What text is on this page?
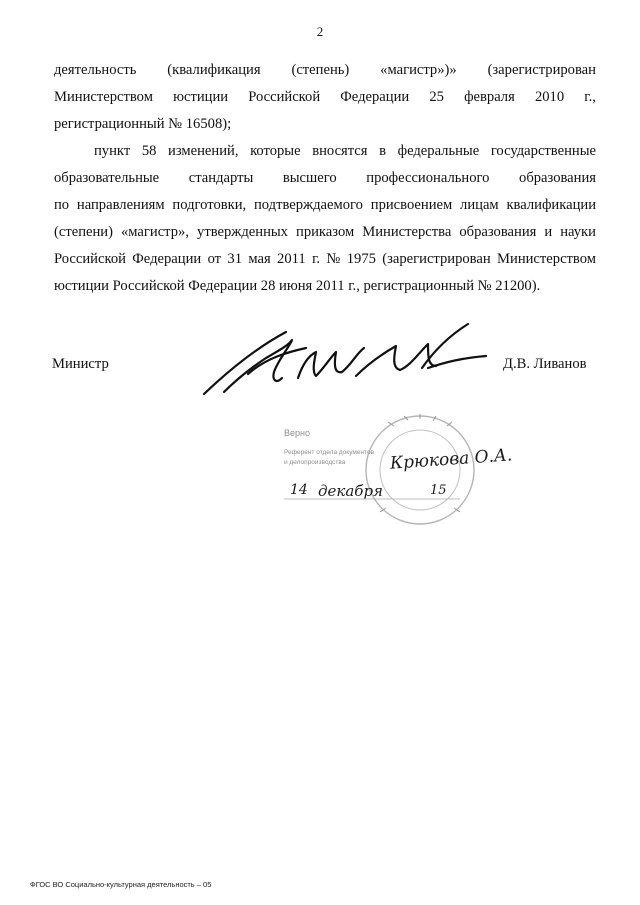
2
деятельность (квалификация (степень) «магистр»)» (зарегистрирован
Министерством юстиции Российской Федерации 25 февраля 2010 г.,
регистрационный № 16508);
пункт 58 изменений, которые вносятся в федеральные государственные
образовательные стандарты высшего профессионального образования
по направлениям подготовки, подтверждаемого присвоением лицам квалификации
(степени) «магистр», утвержденных приказом Министерства образования и науки
Российской Федерации от 31 мая 2011 г. № 1975 (зарегистрирован Министерством
юстиции Российской Федерации 28 июня 2011 г., регистрационный № 21200).
Министр	Д.В. Ливанов
Верно
Референт отдела документов
и делопроизводства	Крюкова О.А.
14 декабря	15
ФГОС ВО Социально-культурная деятельность – 05
